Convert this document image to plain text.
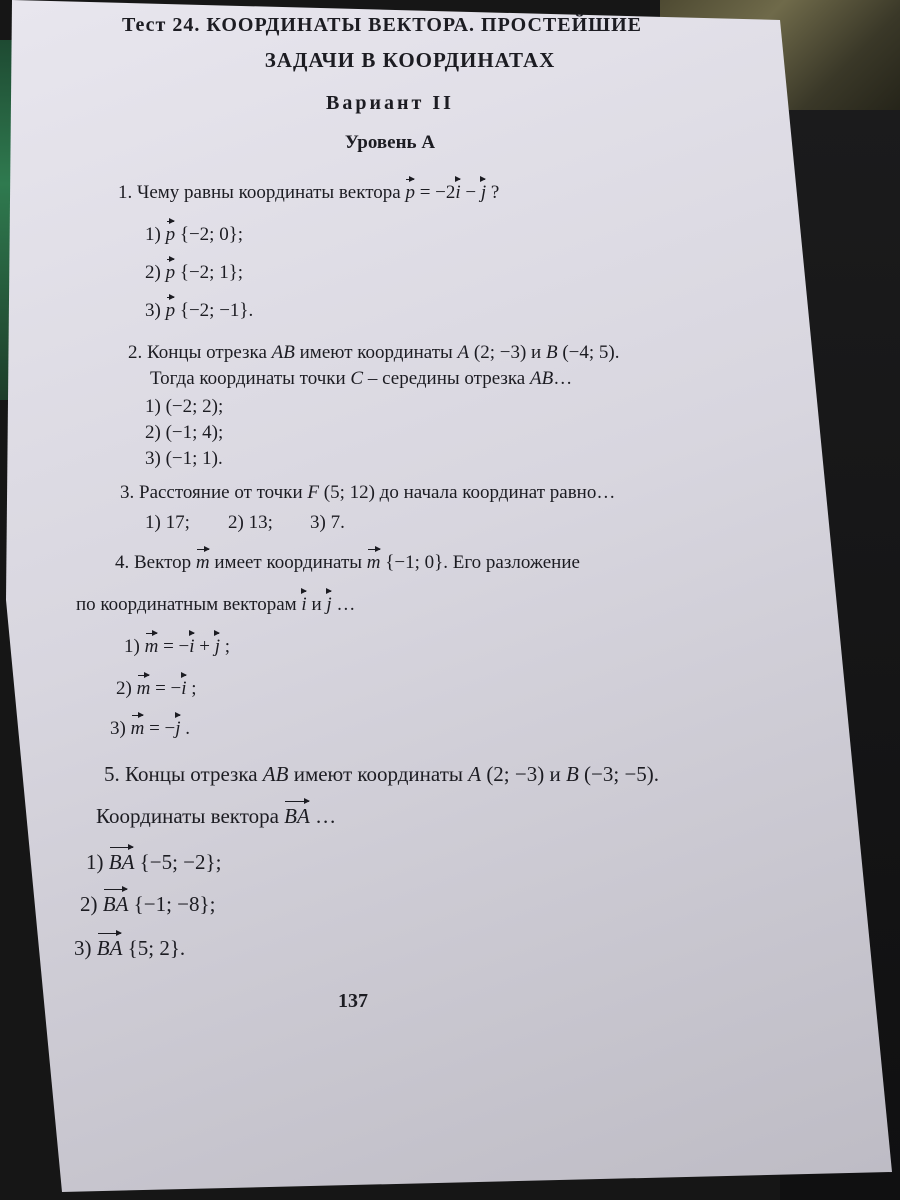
Тест 24. КООРДИНАТЫ ВЕКТОРА. ПРОСТЕЙШИЕ
ЗАДАЧИ В КООРДИНАТАХ
Вариант II
Уровень А
1. Чему равны координаты вектора p = −2i − j ?
1) p {−2; 0};
2) p {−2; 1};
3) p {−2; −1}.
2. Концы отрезка AB имеют координаты A (2; −3) и B (−4; 5).
Тогда координаты точки C – середины отрезка AB…
1) (−2; 2);
2) (−1; 4);
3) (−1; 1).
3. Расстояние от точки F (5; 12) до начала координат равно…
1) 17; 2) 13; 3) 7.
4. Вектор m имеет координаты m {−1; 0}. Его разложение
по координатным векторам i и j …
1) m = −i + j ;
2) m = −i ;
3) m = −j .
5. Концы отрезка AB имеют координаты A (2; −3) и B (−3; −5).
Координаты вектора BA …
1) BA {−5; −2};
2) BA {−1; −8};
3) BA {5; 2}.
137
